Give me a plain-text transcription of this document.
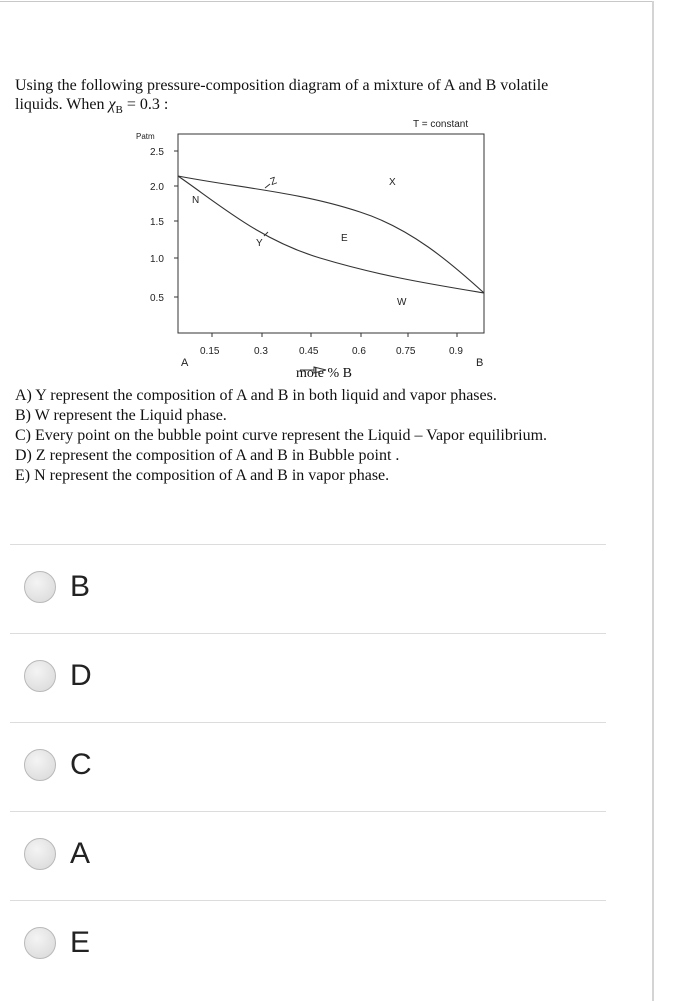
Using the following pressure-composition diagram of a mixture of A and B volatile
liquids. When $\chi_B = 0.3$ :
T = constant
Patm
2.5
2.0
1.5
1.0
0.5
0.15	0.3	0.45	0.6	0.75	0.9
A	B
N
Z
Y
X
E
W
mole % B
A) Y represent the composition of A and B in both liquid and vapor phases.
B) W represent the Liquid phase.
C) Every point on the bubble point curve represent the Liquid – Vapor equilibrium.
D) Z represent the composition of A and B in Bubble point .
E) N represent the composition of A and B in vapor phase.
B
D
C
A
E
